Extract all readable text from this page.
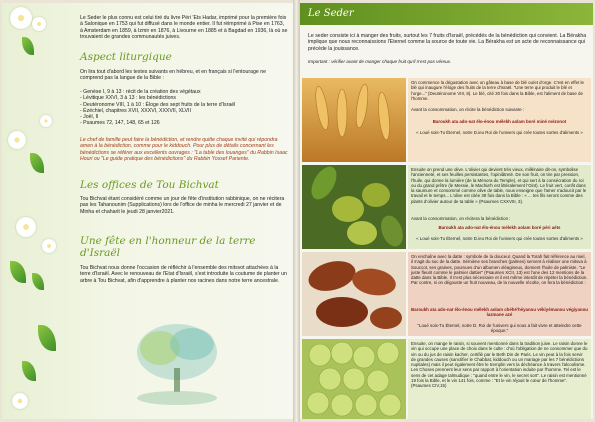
Le Seder le plus connu est celui tiré du livre Péri 'Ets Hadar, imprimé pour la première fois à Salonique en 1753 qui fut diffusé dans le monde entier. Il fut réimprimé à Pise en 1763, à Amsterdam en 1859, à Izmir en 1876, à Livourne en 1885 et à Bagdad en 1936, là où se trouvaient de grandes communautés juives.
Aspect liturgique
On lira tout d'abord les textes suivants en hébreu, et en français si l'entourage ne comprend pas la langue de la Bible :
- Genèse I, 9 à 13 : récit de la création des végétaux
- Lévitique XXVI, 3 à 13 : les bénédictions
- Deutéronome VIII, 1 à 10 : Éloge des sept fruits de la terre d'Israël
- Ézéchiel, chapitres XVII, XXXVI, XXXVII, XLVII
- Joël, II
- Psaumes 72, 147, 148, 65 et 126
Le chef de famille peut faire la bénédiction, et rendre quitte chaque invité qui répondra amen à la bénédiction, comme pour le kiddouch. Pour plus de détails concernant les bénédictions se référer aux excellents ouvrages : "La table des louanges" du Rabbin Isaac Houri ou "Le guide pratique des bénédictions" du Rabbin Yossef Pariente.
Les offices de Tou Bichvat
Tou Bichvat étant considéré comme un jour de fête d'institution rabbinique, on ne récitera pas les Tahanounim (Supplications) lors de l'office de minha le mercredi 27 janvier et de Minha et chaharit le jeudi 28 janvier2021.
Une fête en l'honneur de la terre d'Israël
Tou Bichvat nous donne l'occasion de réfléchir à l'ensemble des mitsvot attachées à la terre d'Israël. Avec le renouveau de l'Etat d'Israël, s'est introduite la coutume de planter un arbre à Tou Bichvat, afin d'apprendre à planter nos racines dans notre terre ancestrale.
Le Seder
Le seder consiste ici à manger des fruits, surtout les 7 fruits d'Israël, précédés de la bénédiction qui convient. La Bérakha implique que nous reconnaissions l'Eternel comme la source de toute vie. La Bérakha est un acte de reconnaissance qui précède la jouissance.
Important : vérifier avant de manger chaque fruit qu'il n'est pas véreux.
On commence la dégustation avec un gâteau à base de blé ou/et d'orge. C'est en effet le blé qui inaugure l'éloge des fruits de la terre d'Israël. "Une terre qui produit le blé et l'orge..." (Deutéronome VIII, 8). Le blé, cité 30 fois dans la Bible, est l'aliment de base de l'homme.
Avant la consommation, on récite la bénédiction suivante :
Baroukh ata ado-naï élo-énou mélekh aolam boré miné mézonot
« Loué sois-Tu Éternel, notre D.ieu Roi de l'univers qui crée toutes sortes d'aliments »
Ensuite on prend une olive. L'olivier qui devient très vieux, millénaire dit-on, symbolise l'ancienneté, et ses feuilles persistantes, l'opiniâtreté. De son fruit, on tire par pression, l'huile, qui donne la lumière (de la Ménora du Temple), et qui sert à la consécration du roi ou du grand prêtre (le Messie, le Machia'h est littéralement l'Oint). Le fruit vert, confit dans la saumure et consommé comme olive de table, nous enseigne que l'amer s'adoucit par le travail et le temps... L'olive est citée 38 fois dans la Bible : « ... tes fils seront comme des plants d'olivier autour de ta table » (Psaumes CXXVIII, 3).
Avant la consommation, on récitera la bénédiction :
Baroukh ata ado-naï élo-énou mélekh aolam boré péri aéts
« Loué sois-Tu Éternel, notre D.ieu Roi de l'univers qui crée toutes sortes d'aliments »
On enchaîne avec la datte : symbole de la douceur. Quand la Torah fait référence au miel, il s'agit du suc de la datte. Sémiène ses branches (palmes) servent à réaliser une mitsva à Souccot, ses graines, pourvues d'un albumen oléagineux, donnent l'huile de palmiste. "Le juste fleurit comme le palmier dattier" (Psaumes XCII, 13) est l'une des 12 mentions de la datte dans la Bible. Il n'est plus nécessaire et il est même interdit de répéter la bénédiction. Par contre, si on dégouste un fruit nouveau, de la nouvelle récolte, on fera la bénédiction :
Baroukh ata ado-naï élo-énou mélekh aolam chéhé'héyanou vékiyémanou végiyanou lazmane azé
"Loué sois-Tu Éternel, notre D. Roi de l'univers qui nous a fait vivre et atteindre cette époque."
Ensuite, on mange le raisin, si souvent mentionné dans la tradition juive. Le raisin donne le vin qui occupe une place de choix dans le culte : d'où l'obligation de ne consommer que du vin ou du jus de raisin kacher, certifié par le Beth Din de Paris. Le vin peut à la fois servir de grandes causes (sanctifier le Chabbat, kiddouch ou un mariage par les 7 bénédictions nuptiales) mais il peut également être le tremplin vers la déchéance à travers l'alcoolisme. Les Choses prennent leur sens par rapport à l'orientation induite par l'homme. Tel est le sens de cet adage talmudique : "quand entre le vin, le secret sort". Le raisin est mentionné 19 fois la Bible, et le vin 141 fois, comme : "Et le vin réjouit le cœur de l'homme". (Psaumes CIV,15)
